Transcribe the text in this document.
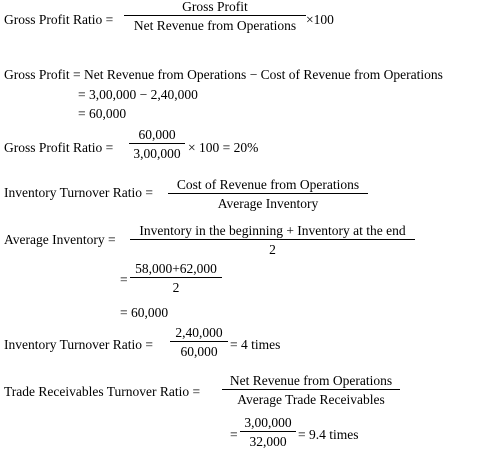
Gross Profit Ratio =
Gross Profit
Net Revenue from Operations ×100
Gross Profit = Net Revenue from Operations − Cost of Revenue from Operations
= 3,00,000 − 2,40,000
= 60,000
Gross Profit Ratio =
60,000
3,00,000 × 100 = 20%
Inventory Turnover Ratio =
Cost of Revenue from Operations
Average Inventory
Average Inventory =
Inventory in the beginning + Inventory at the end
2
=
58,000+62,000
2
= 60,000
Inventory Turnover Ratio =
2,40,000
60,000 = 4 times
Trade Receivables Turnover Ratio =
Net Revenue from Operations
Average Trade Receivables
=
3,00,000
32,000 = 9.4 times
